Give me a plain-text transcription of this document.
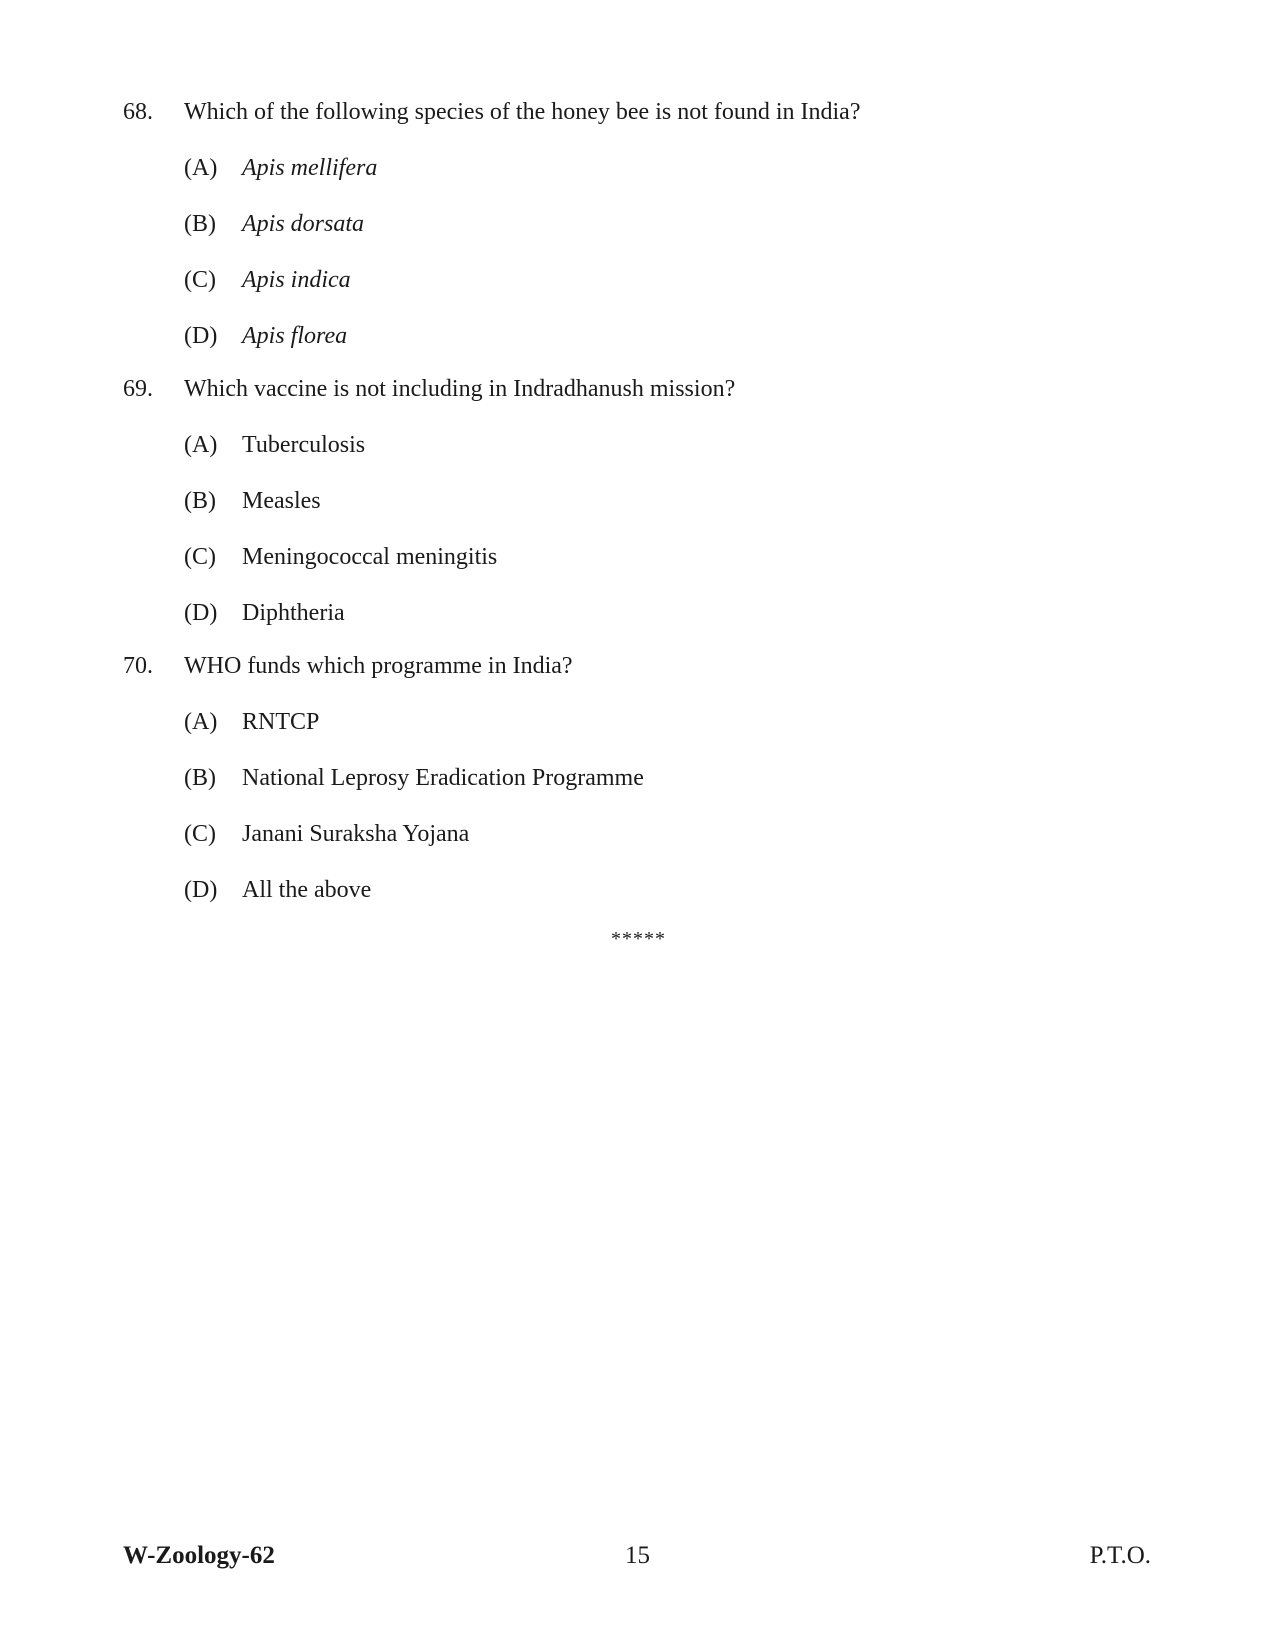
68. Which of the following species of the honey bee is not found in India?
(A) Apis mellifera
(B) Apis dorsata
(C) Apis indica
(D) Apis florea
69. Which vaccine is not including in Indradhanush mission?
(A) Tuberculosis
(B) Measles
(C) Meningococcal meningitis
(D) Diphtheria
70. WHO funds which programme in India?
(A) RNTCP
(B) National Leprosy Eradication Programme
(C) Janani Suraksha Yojana
(D) All the above
*****
W-Zoology-62	15	P.T.O.
